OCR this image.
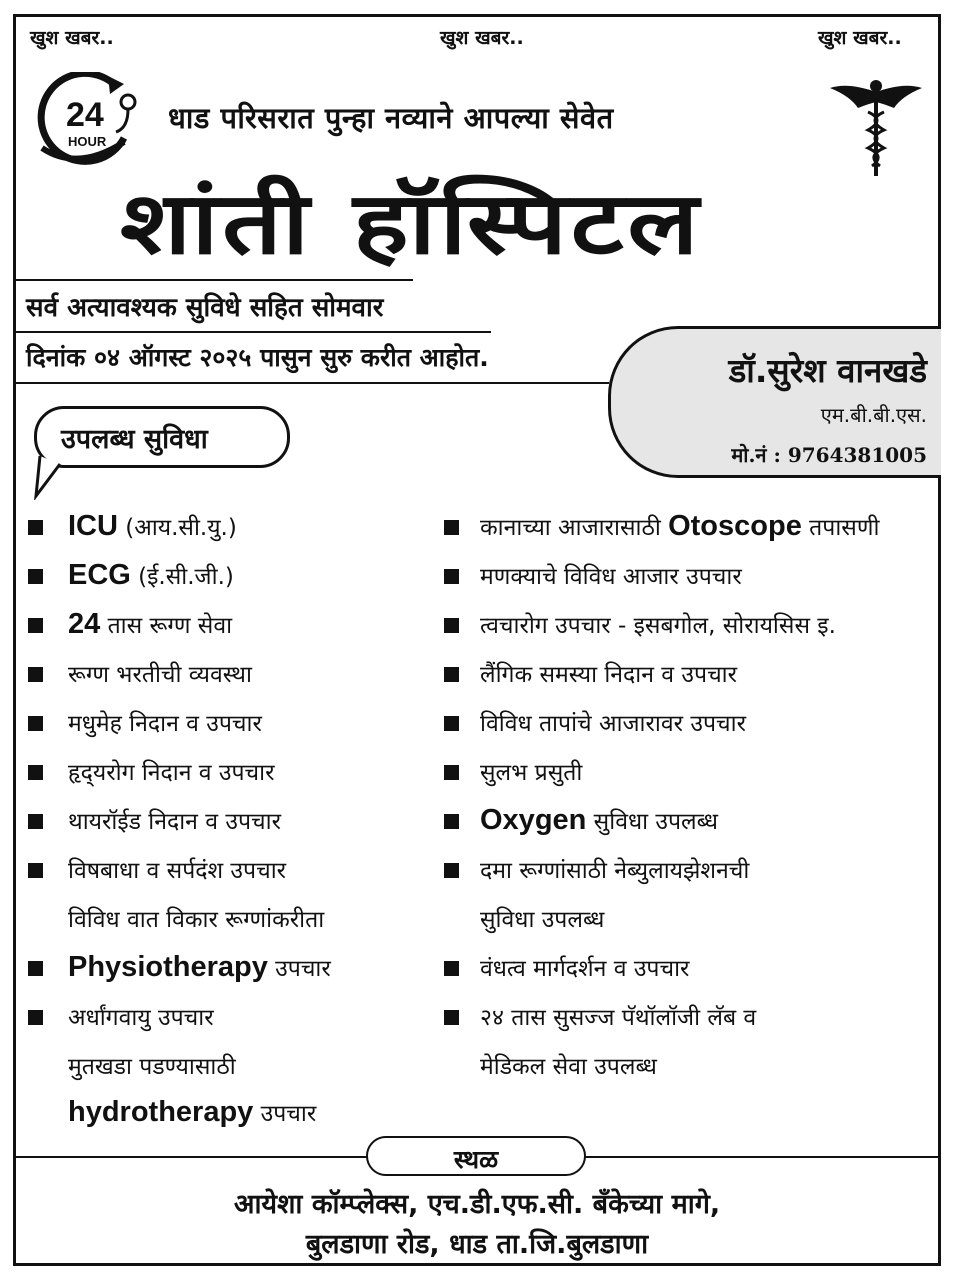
खुश खबर..	खुश खबर..	खुश खबर..
24
HOUR
धाड परिसरात पुन्हा नव्याने आपल्या सेवेत
शांती हॉस्पिटल
सर्व अत्यावश्यक सुविधे सहित सोमवार
दिनांक ०४ ऑगस्ट २०२५ पासुन सुरु करीत आहोत.	डॉ.सुरेश वानखडे
एम.बी.बी.एस.
मो.नं : 9764381005
उपलब्ध सुविधा
ICU (आय.सी.यु.)
ECG (ई.सी.जी.)
24 तास रूग्ण सेवा
रूग्ण भरतीची व्यवस्था
मधुमेह निदान व उपचार
हृद्‌यरोग निदान व उपचार
थायरॉईड निदान व उपचार
विषबाधा व सर्पदंश उपचार
विविध वात विकार रूग्णांकरीता
Physiotherapy उपचार
अर्धांगवायु उपचार
मुतखडा पडण्यासाठी
hydrotherapy उपचार
कानाच्या आजारासाठी Otoscope तपासणी
मणक्याचे विविध आजार उपचार
त्वचारोग उपचार - इसबगोल, सोरायसिस इ.
लैंगिक समस्या निदान व उपचार
विविध तापांचे आजारावर उपचार
सुलभ प्रसुती
Oxygen सुविधा उपलब्ध
दमा रूग्णांसाठी नेब्युलायझेशनची
सुविधा उपलब्ध
वंधत्व मार्गदर्शन व उपचार
२४ तास सुसज्ज पॅथॉलॉजी लॅब व
मेडिकल सेवा उपलब्ध
स्थळ
आयेशा कॉम्प्लेक्स, एच.डी.एफ.सी. बँकेच्या मागे,
बुलडाणा रोड, धाड ता.जि.बुलडाणा
